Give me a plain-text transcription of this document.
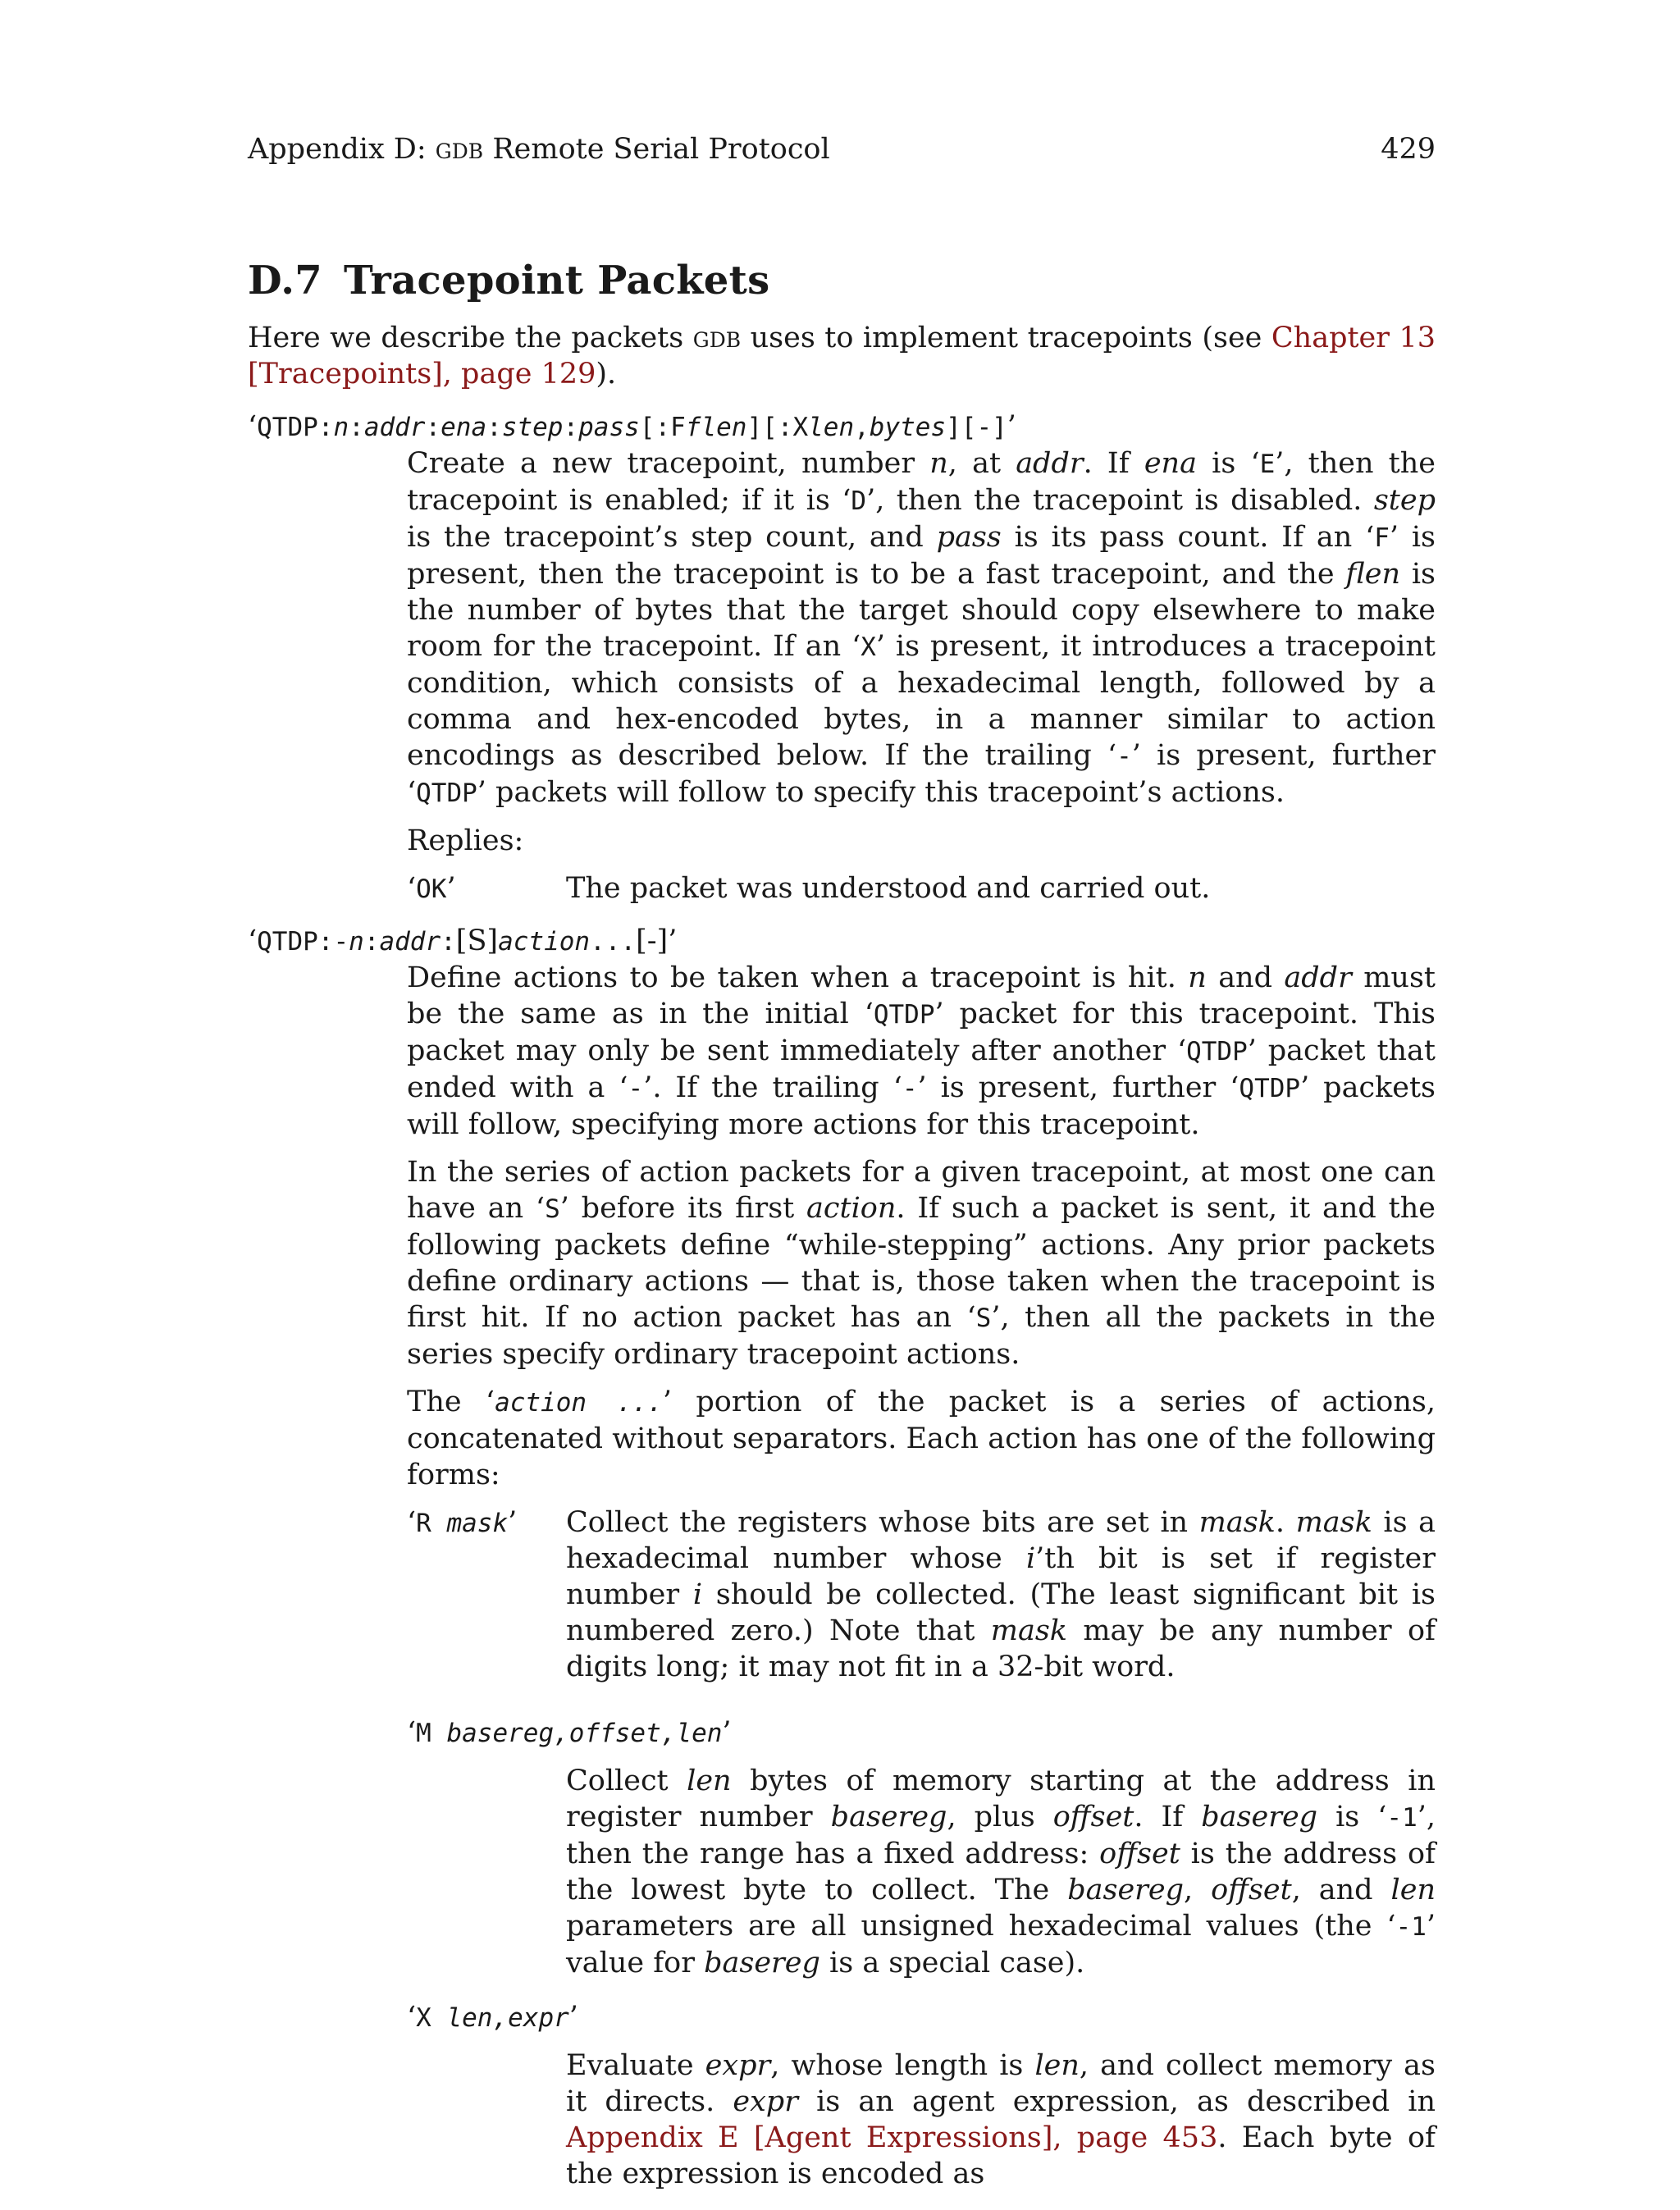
Appendix D: gdb Remote Serial Protocol	429
D.7 Tracepoint Packets

Here we describe the packets gdb uses to implement tracepoints (see Chapter 13 [Tracepoints], page 129).

‘QTDP:n:addr:ena:step:pass[:Fflen][:Xlen,bytes][-]’

Create a new tracepoint, number n, at addr. If ena is ‘E’, then the tracepoint is enabled; if it is ‘D’, then the tracepoint is disabled. step is the tracepoint’s step count, and pass is its pass count. If an ‘F’ is present, then the tracepoint is to be a fast tracepoint, and the flen is the number of bytes that the target should copy elsewhere to make room for the tracepoint. If an ‘X’ is present, it introduces a tracepoint condition, which consists of a hexadecimal length, followed by a comma and hex-encoded bytes, in a manner similar to action encodings as described below. If the trailing ‘-’ is present, further ‘QTDP’ packets will follow to specify this tracepoint’s actions.

Replies:

‘OK’	The packet was understood and carried out.

‘QTDP:-n:addr:[S]action...[-]’

Define actions to be taken when a tracepoint is hit. n and addr must be the same as in the initial ‘QTDP’ packet for this tracepoint. This packet may only be sent immediately after another ‘QTDP’ packet that ended with a ‘-’. If the trailing ‘-’ is present, further ‘QTDP’ packets will follow, specifying more actions for this tracepoint.

In the series of action packets for a given tracepoint, at most one can have an ‘S’ before its first action. If such a packet is sent, it and the following packets define “while-stepping” actions. Any prior packets define ordinary actions — that is, those taken when the tracepoint is first hit. If no action packet has an ‘S’, then all the packets in the series specify ordinary tracepoint actions.

The ‘action ...’ portion of the packet is a series of actions, concatenated without separators. Each action has one of the following forms:

‘R mask’	Collect the registers whose bits are set in mask. mask is a hexadecimal number whose i’th bit is set if register number i should be collected. (The least significant bit is numbered zero.) Note that mask may be any number of digits long; it may not fit in a 32-bit word.

‘M basereg,offset,len’

Collect len bytes of memory starting at the address in register number basereg, plus offset. If basereg is ‘-1’, then the range has a fixed address: offset is the address of the lowest byte to collect. The basereg, offset, and len parameters are all unsigned hexadecimal values (the ‘-1’ value for basereg is a special case).

‘X len,expr’

Evaluate expr, whose length is len, and collect memory as it directs. expr is an agent expression, as described in Appendix E [Agent Expressions], page 453. Each byte of the expression is encoded as
